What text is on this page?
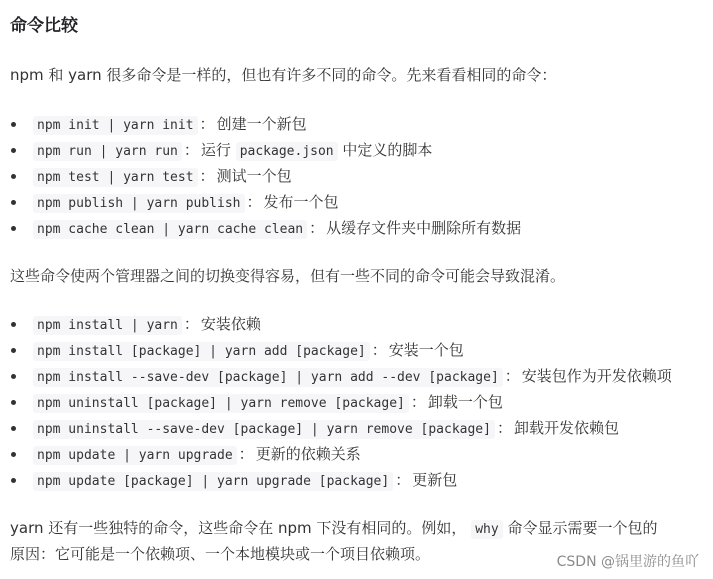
命令比较
npm 和 yarn 很多命令是一样的，但也有许多不同的命令。先来看看相同的命令：
npm init | yarn init ： 创建一个新包
npm run | yarn run ： 运行 package.json 中定义的脚本
npm test | yarn test ： 测试一个包
npm publish | yarn publish ： 发布一个包
npm cache clean | yarn cache clean ： 从缓存文件夹中删除所有数据
这些命令使两个管理器之间的切换变得容易，但有一些不同的命令可能会导致混淆。
npm install | yarn ： 安装依赖
npm install [package] | yarn add [package] ： 安装一个包
npm install --save-dev [package] | yarn add --dev [package] ： 安装包作为开发依赖项
npm uninstall [package] | yarn remove [package] ： 卸载一个包
npm uninstall --save-dev [package] | yarn remove [package] ： 卸载开发依赖包
npm update | yarn upgrade ： 更新的依赖关系
npm update [package] | yarn upgrade [package] ： 更新包
yarn 还有一些独特的命令，这些命令在 npm 下没有相同的。例如， why 命令显示需要一个包的
原因：它可能是一个依赖项、一个本地模块或一个项目依赖项。	CSDN @锅里游的鱼吖
